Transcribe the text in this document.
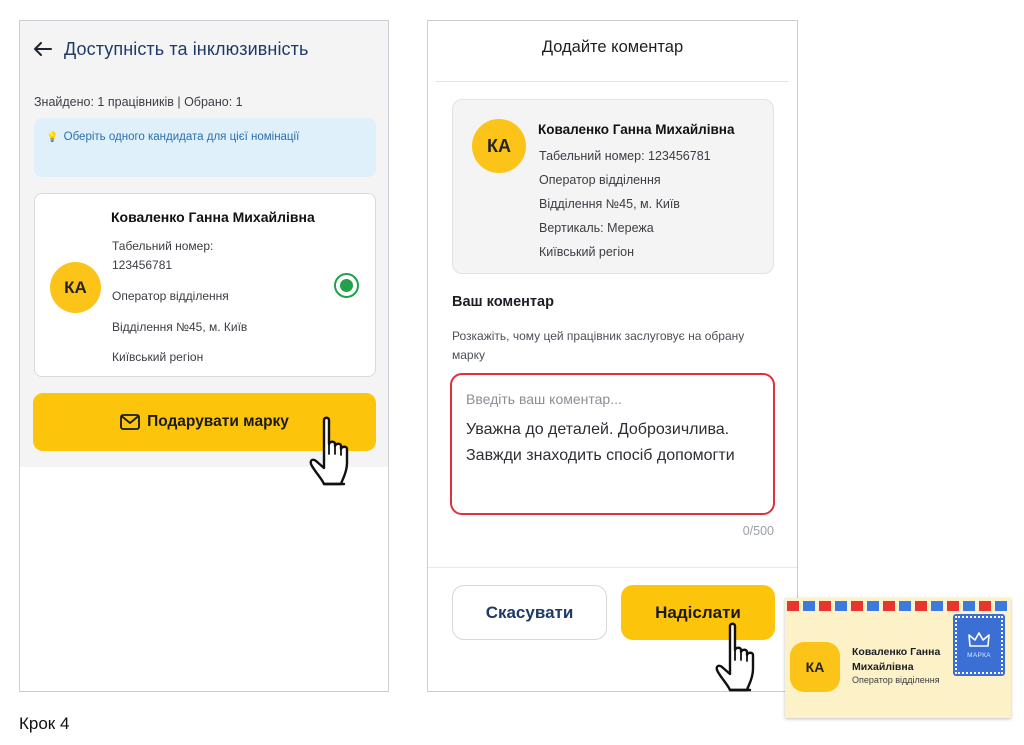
Доступність та інклюзивність
Знайдено: 1 працівників | Обрано: 1
💡 Оберіть одного кандидата для цієї номінації
КА
Коваленко Ганна Михайлівна
Табельний номер:
123456781
Оператор відділення
Відділення №45, м. Київ
Київський регіон
Подарувати марку
Додайте коментар
КА
Коваленко Ганна Михайлівна
Табельний номер: 123456781
Оператор відділення
Відділення №45, м. Київ
Вертикаль: Мережа
Київський регіон
Ваш коментар
Розкажіть, чому цей працівник заслуговує на обрану марку
Введіть ваш коментар...
Уважна до деталей. Доброзичлива. Завжди знаходить спосіб допомогти
0/500
Скасувати	Надіслати
КА
Коваленко Ганна Михайлівна
Оператор відділення
МАРКА
Крок 4
